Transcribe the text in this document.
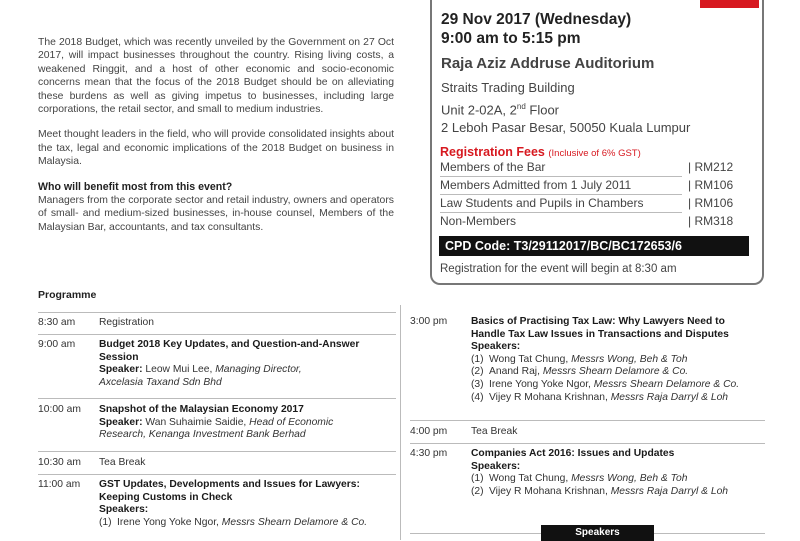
The 2018 Budget, which was recently unveiled by the Government on 27 Oct 2017, will impact businesses throughout the country. Rising living costs, a weakened Ringgit, and a host of other economic and socio-economic concerns mean that the focus of the 2018 Budget should be on alleviating these burdens as well as giving impetus to businesses, including large corporations, the retail sector, and small to medium industries.

Meet thought leaders in the field, who will provide consolidated insights about the tax, legal and economic implications of the 2018 Budget on business in Malaysia.

Who will benefit most from this event?

Managers from the corporate sector and retail industry, owners and operators of small- and medium-sized businesses, in-house counsel, Members of the Malaysian Bar, accountants, and tax consultants.

Programme
29 Nov 2017 (Wednesday)
9:00 am to 5:15 pm
Raja Aziz Addruse Auditorium
Straits Trading Building
Unit 2-02A, 2nd Floor
2 Leboh Pasar Besar, 50050 Kuala Lumpur
Registration Fees (Inclusive of 6% GST)
Members of the Bar	| RM212
Members Admitted from 1 July 2011	| RM106
Law Students and Pupils in Chambers	| RM106
Non-Members	| RM318
CPD Code: T3/29112017/BC/BC172653/6
Registration for the event will begin at 8:30 am
8:30 am	Registration
9:00 am	Budget 2018 Key Updates, and Question-and-Answer
Session
Speaker: Leow Mui Lee, Managing Director,
Axcelasia Taxand Sdn Bhd
10:00 am	Snapshot of the Malaysian Economy 2017
Speaker: Wan Suhaimie Saidie, Head of Economic
Research, Kenanga Investment Bank Berhad
10:30 am	Tea Break
11:00 am	GST Updates, Developments and Issues for Lawyers:
Keeping Customs in Check
Speakers:
(1) Irene Yong Yoke Ngor, Messrs Shearn Delamore & Co.
3:00 pm	Basics of Practising Tax Law: Why Lawyers Need to
Handle Tax Law Issues in Transactions and Disputes
Speakers:
(1) Wong Tat Chung, Messrs Wong, Beh & Toh
(2) Anand Raj, Messrs Shearn Delamore & Co.
(3) Irene Yong Yoke Ngor, Messrs Shearn Delamore & Co.
(4) Vijey R Mohana Krishnan, Messrs Raja Darryl & Loh
4:00 pm	Tea Break
4:30 pm	Companies Act 2016: Issues and Updates
Speakers:
(1) Wong Tat Chung, Messrs Wong, Beh & Toh
(2) Vijey R Mohana Krishnan, Messrs Raja Darryl & Loh
Speakers
